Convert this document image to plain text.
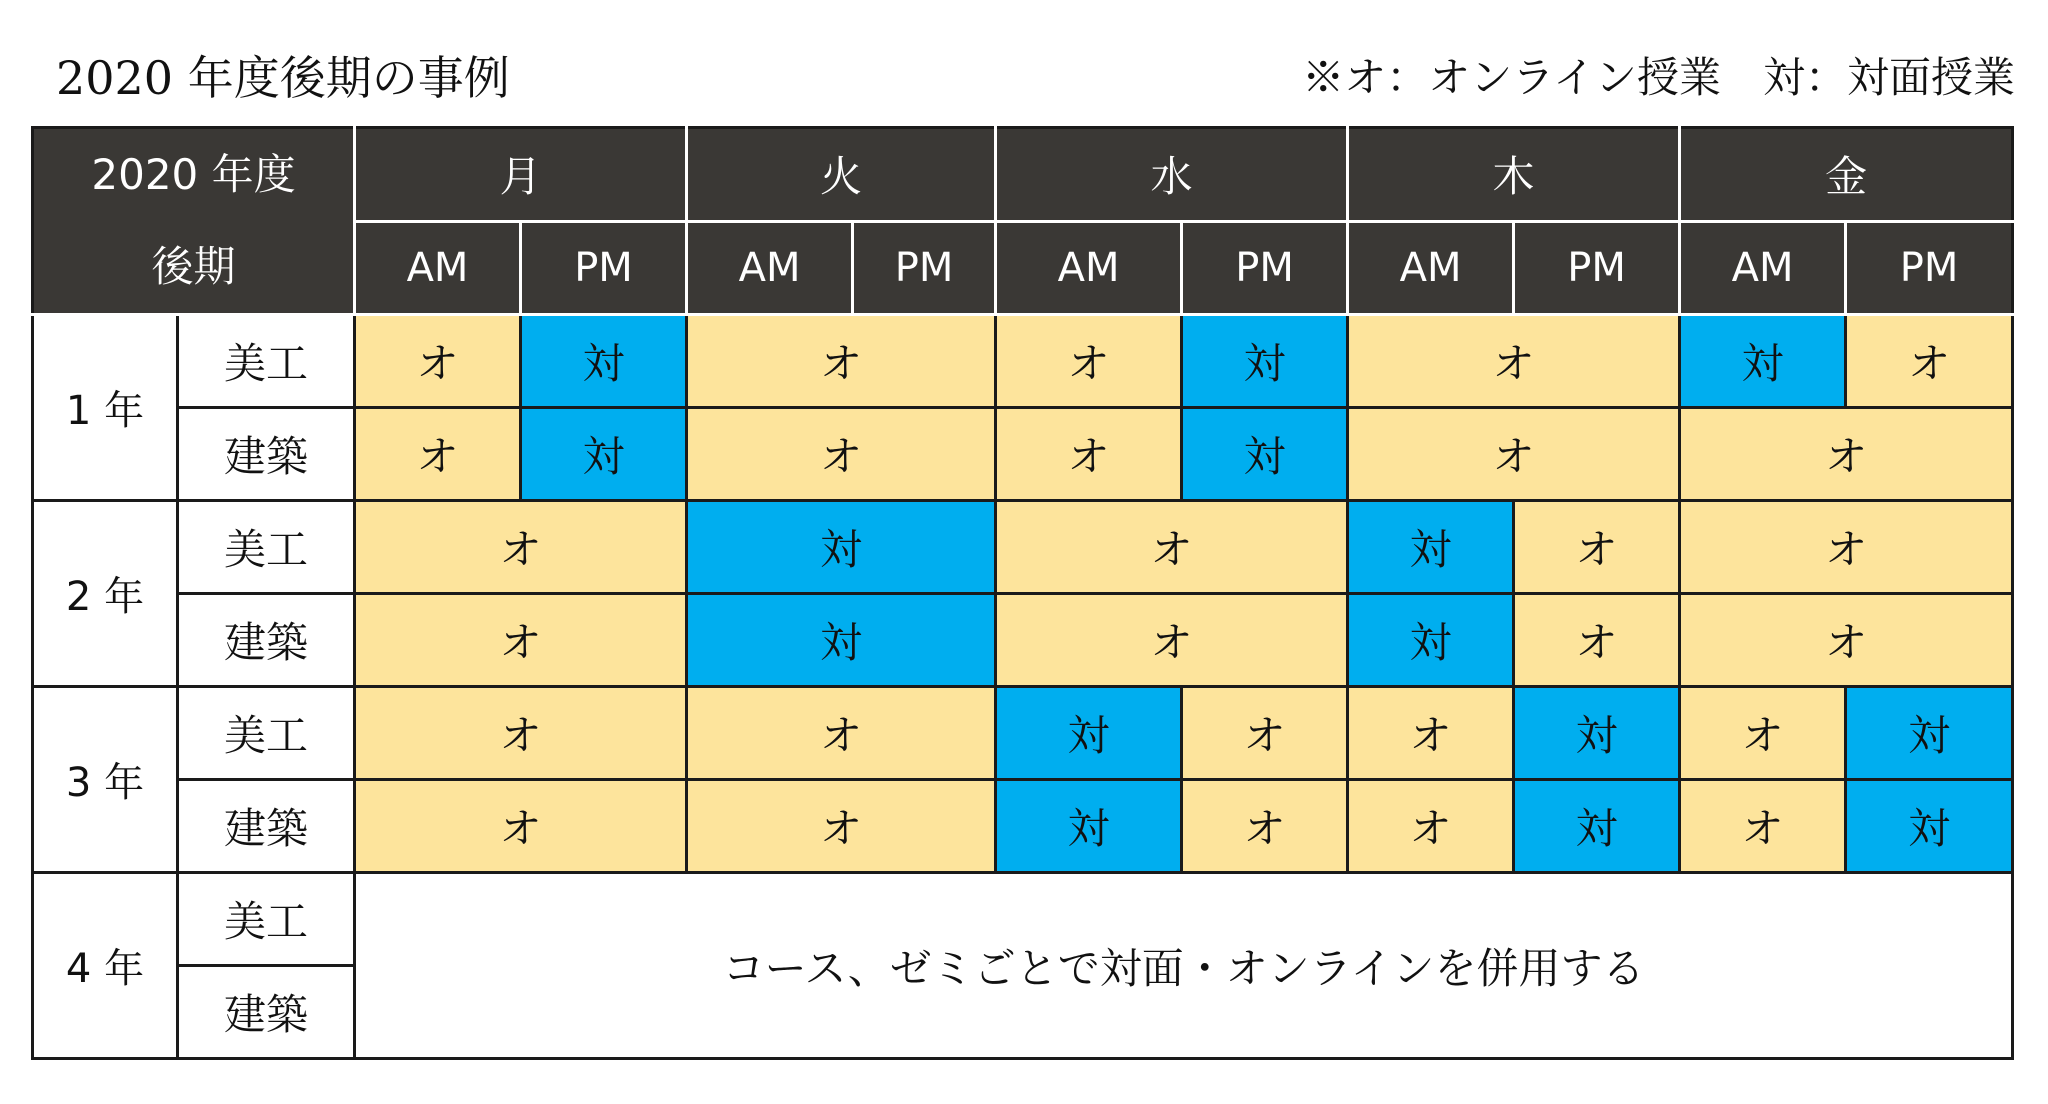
2020 年度後期の事例	※オ：オンライン授業　対：対面授業
2020 年度
後期		月		火		水		木		金	
		AM	PM	AM	PM	AM	PM	AM	PM	AM	PM
1 年	美工	オ	対	オ		オ	対	オ		対	オ
	建築	オ	対	オ		オ	対	オ		オ	
2 年	美工	オ		対		オ		対	オ	オ	
	建築	オ		対		オ		対	オ	オ	
3 年	美工	オ		オ		対	オ	オ	対	オ	対
	建築	オ		オ		対	オ	オ	対	オ	対
4 年	美工	コース、ゼミごとで対面・オンラインを併用する									
	建築										
